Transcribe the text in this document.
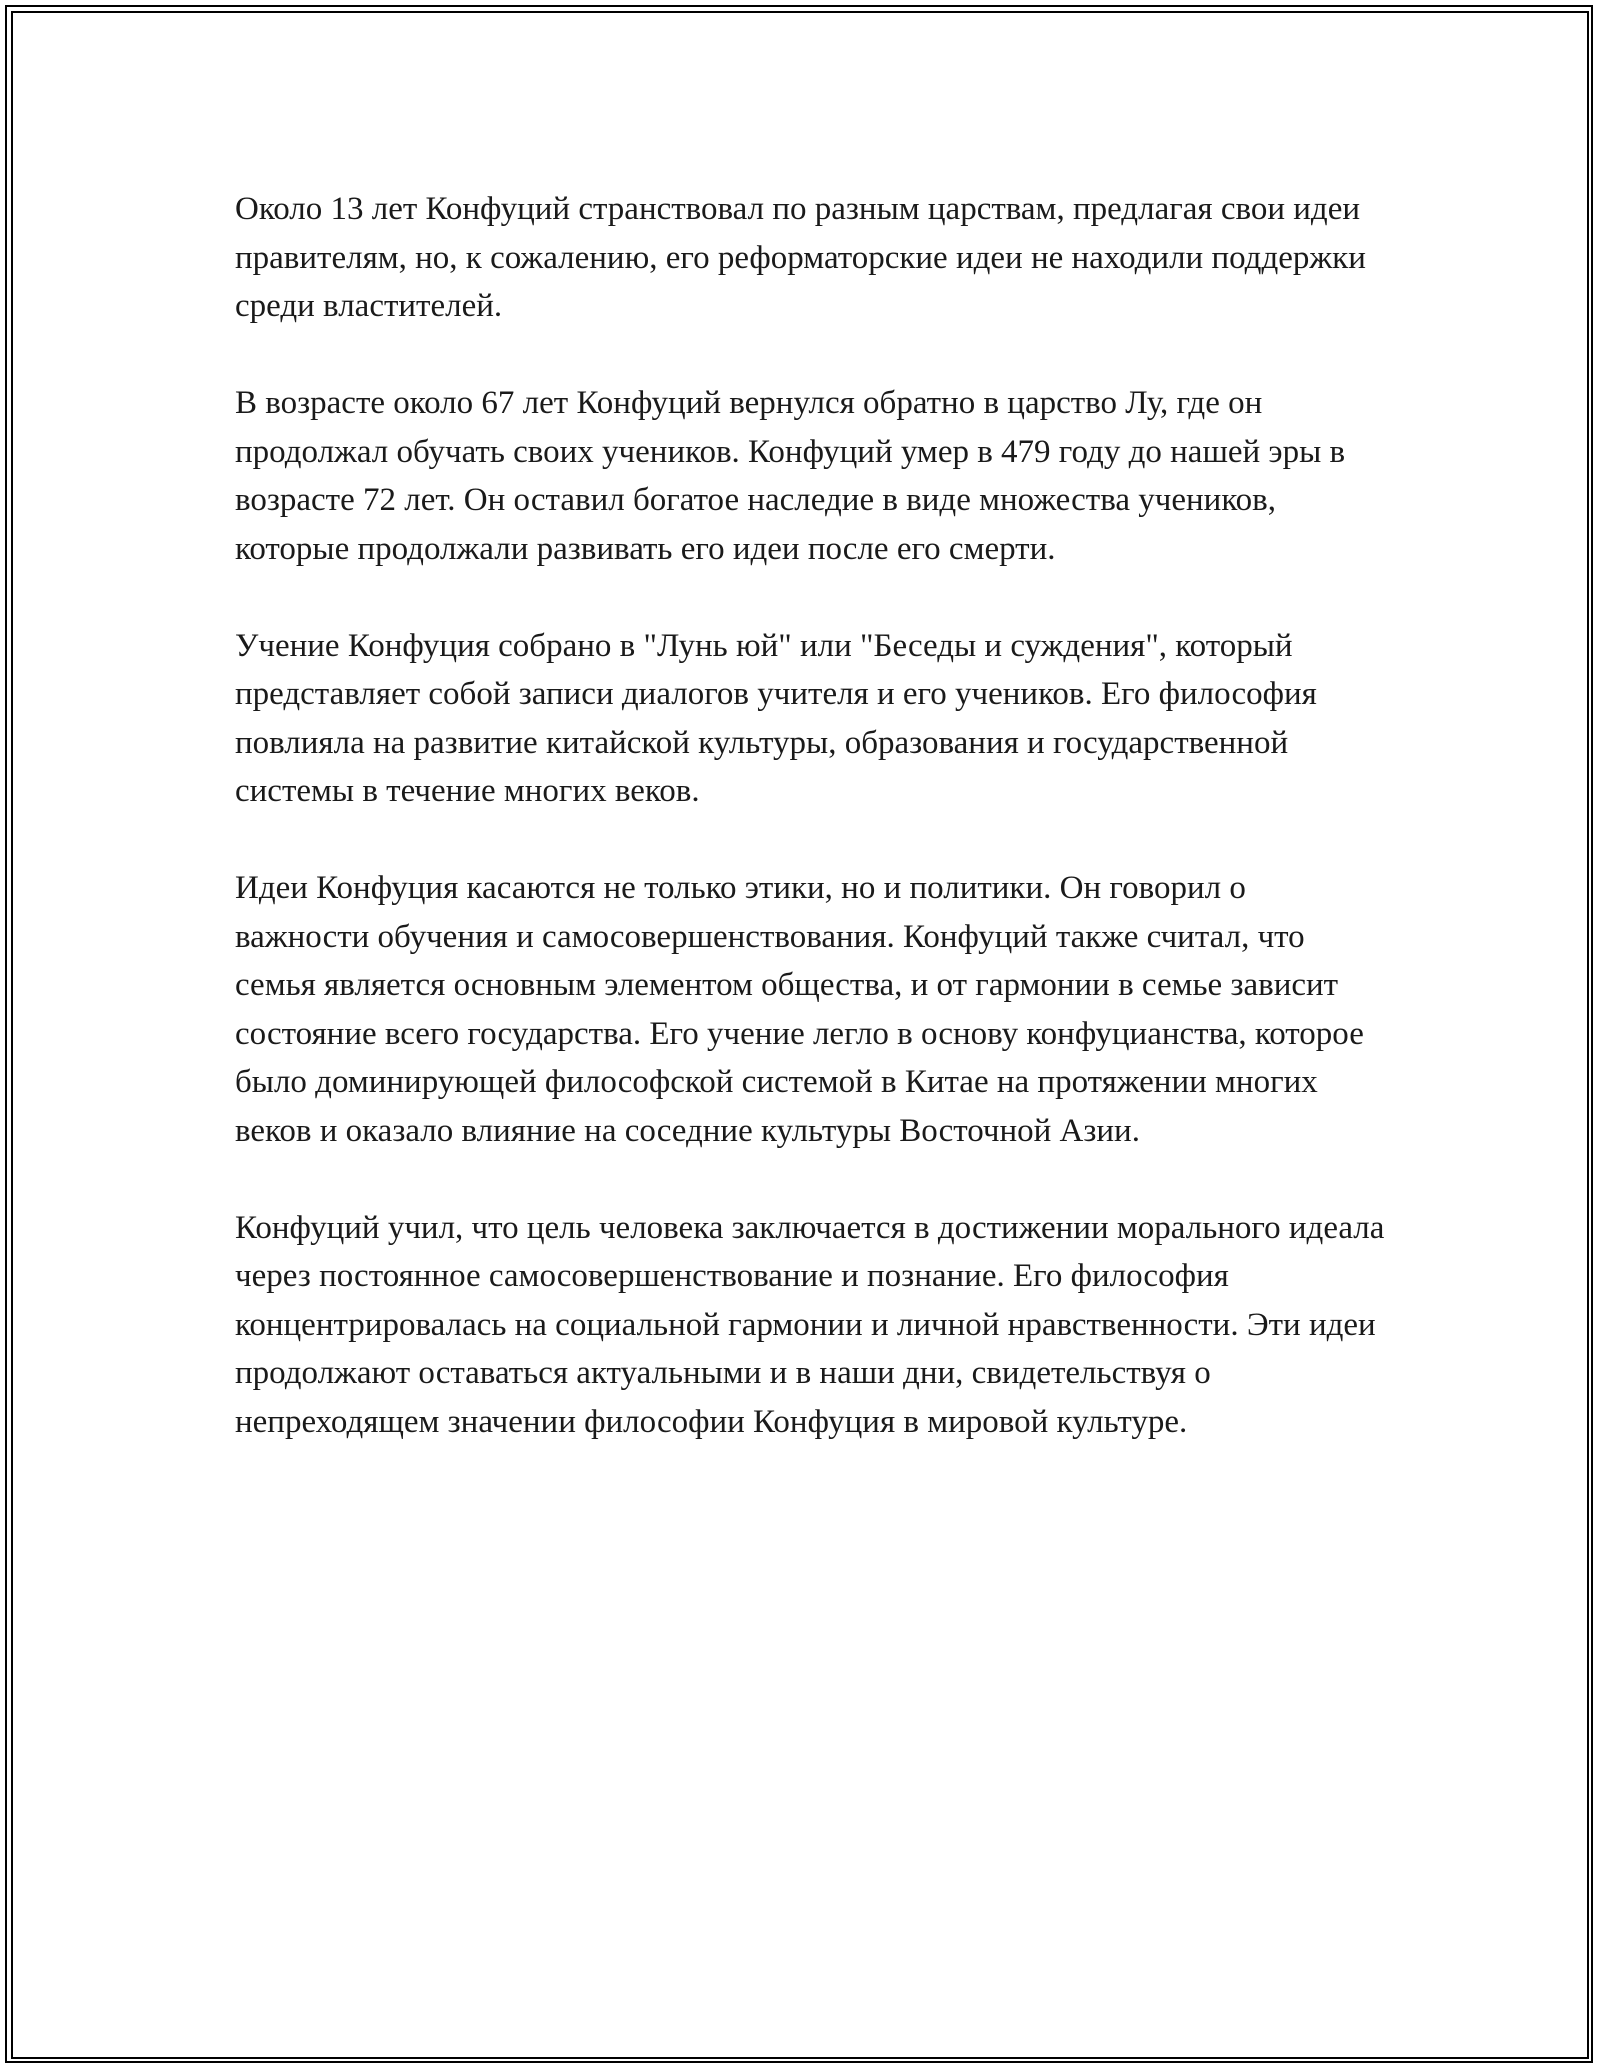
Около 13 лет Конфуций странствовал по разным царствам, предлагая свои идеи правителям, но, к сожалению, его реформаторские идеи не находили поддержки среди властителей.

В возрасте около 67 лет Конфуций вернулся обратно в царство Лу, где он продолжал обучать своих учеников. Конфуций умер в 479 году до нашей эры в возрасте 72 лет. Он оставил богатое наследие в виде множества учеников, которые продолжали развивать его идеи после его смерти.

Учение Конфуция собрано в "Лунь юй" или "Беседы и суждения", который представляет собой записи диалогов учителя и его учеников. Его философия повлияла на развитие китайской культуры, образования и государственной системы в течение многих веков.

Идеи Конфуция касаются не только этики, но и политики. Он говорил о важности обучения и самосовершенствования. Конфуций также считал, что семья является основным элементом общества, и от гармонии в семье зависит состояние всего государства. Его учение легло в основу конфуцианства, которое было доминирующей философской системой в Китае на протяжении многих веков и оказало влияние на соседние культуры Восточной Азии.

Конфуций учил, что цель человека заключается в достижении морального идеала через постоянное самосовершенствование и познание. Его философия концентрировалась на социальной гармонии и личной нравственности. Эти идеи продолжают оставаться актуальными и в наши дни, свидетельствуя о непреходящем значении философии Конфуция в мировой культуре.
